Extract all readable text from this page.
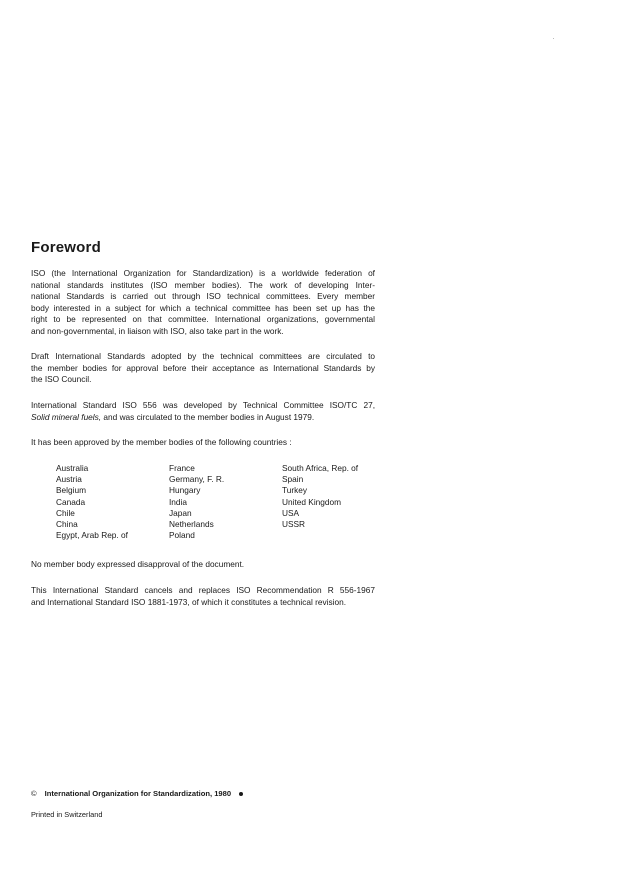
Foreword
ISO (the International Organization for Standardization) is a worldwide federation of
national standards institutes (ISO member bodies). The work of developing Inter-
national Standards is carried out through ISO technical committees. Every member
body interested in a subject for which a technical committee has been set up has the
right to be represented on that committee. International organizations, governmental
and non-governmental, in liaison with ISO, also take part in the work.
Draft International Standards adopted by the technical committees are circulated to
the member bodies for approval before their acceptance as International Standards by
the ISO Council.
International Standard ISO 556 was developed by Technical Committee ISO/TC 27,
Solid mineral fuels, and was circulated to the member bodies in August 1979.
It has been approved by the member bodies of the following countries :
Australia	France	South Africa, Rep. of
Austria	Germany, F. R.	Spain
Belgium	Hungary	Turkey
Canada	India	United Kingdom
Chile	Japan	USA
China	Netherlands	USSR
Egypt, Arab Rep. of	Poland
No member body expressed disapproval of the document.
This International Standard cancels and replaces ISO Recommendation R 556-1967
and International Standard ISO 1881-1973, of which it constitutes a technical revision.
© International Organization for Standardization, 1980
Printed in Switzerland
